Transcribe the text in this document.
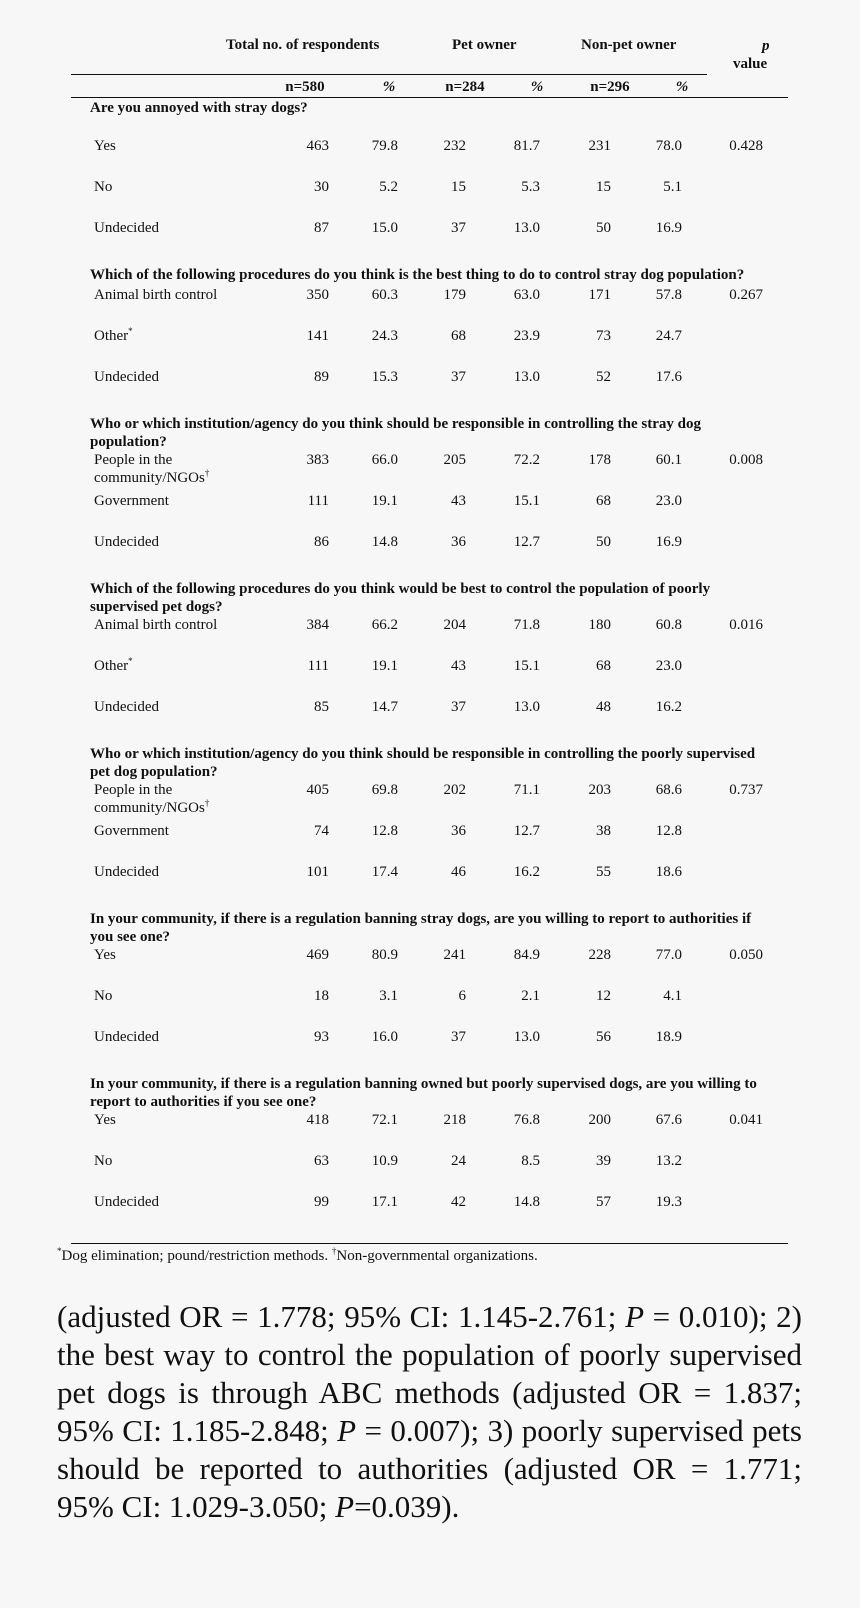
Total no. of respondents	Pet owner	Non-pet owner	p
value
n=580	%	n=284	%	n=296	%
Are you annoyed with stray dogs?
Yes	463	79.8	232	81.7	231	78.0	0.428
No	30	5.2	15	5.3	15	5.1
Undecided	87	15.0	37	13.0	50	16.9
Which of the following procedures do you think is the best thing to do to control stray dog population?
Animal birth control	350	60.3	179	63.0	171	57.8	0.267
Other*	141	24.3	68	23.9	73	24.7
Undecided	89	15.3	37	13.0	52	17.6
Who or which institution/agency do you think should be responsible in controlling the stray dog population?
People in the
community/NGOs†
383	66.0	205	72.2	178	60.1	0.008
Government	111	19.1	43	15.1	68	23.0
Undecided	86	14.8	36	12.7	50	16.9
Which of the following procedures do you think would be best to control the population of poorly supervised pet dogs?
Animal birth control	384	66.2	204	71.8	180	60.8	0.016
Other*	111	19.1	43	15.1	68	23.0
Undecided	85	14.7	37	13.0	48	16.2
Who or which institution/agency do you think should be responsible in controlling the poorly supervised pet dog population?
People in the
community/NGOs†
405	69.8	202	71.1	203	68.6	0.737
Government	74	12.8	36	12.7	38	12.8
Undecided	101	17.4	46	16.2	55	18.6
In your community, if there is a regulation banning stray dogs, are you willing to report to authorities if you see one?
Yes	469	80.9	241	84.9	228	77.0	0.050
No	18	3.1	6	2.1	12	4.1
Undecided	93	16.0	37	13.0	56	18.9
In your community, if there is a regulation banning owned but poorly supervised dogs, are you willing to report to authorities if you see one?
Yes	418	72.1	218	76.8	200	67.6	0.041
No	63	10.9	24	8.5	39	13.2
Undecided	99	17.1	42	14.8	57	19.3
*Dog elimination; pound/restriction methods. †Non-governmental organizations.
(adjusted OR = 1.778; 95% CI: 1.145-2.761; P = 0.010); 2) the best way to control the population of poorly supervised pet dogs is through ABC methods (adjusted OR = 1.837; 95% CI: 1.185-2.848; P = 0.007); 3) poorly supervised pets should be reported to authorities (adjusted OR = 1.771; 95% CI: 1.029-3.050; P=0.039).
